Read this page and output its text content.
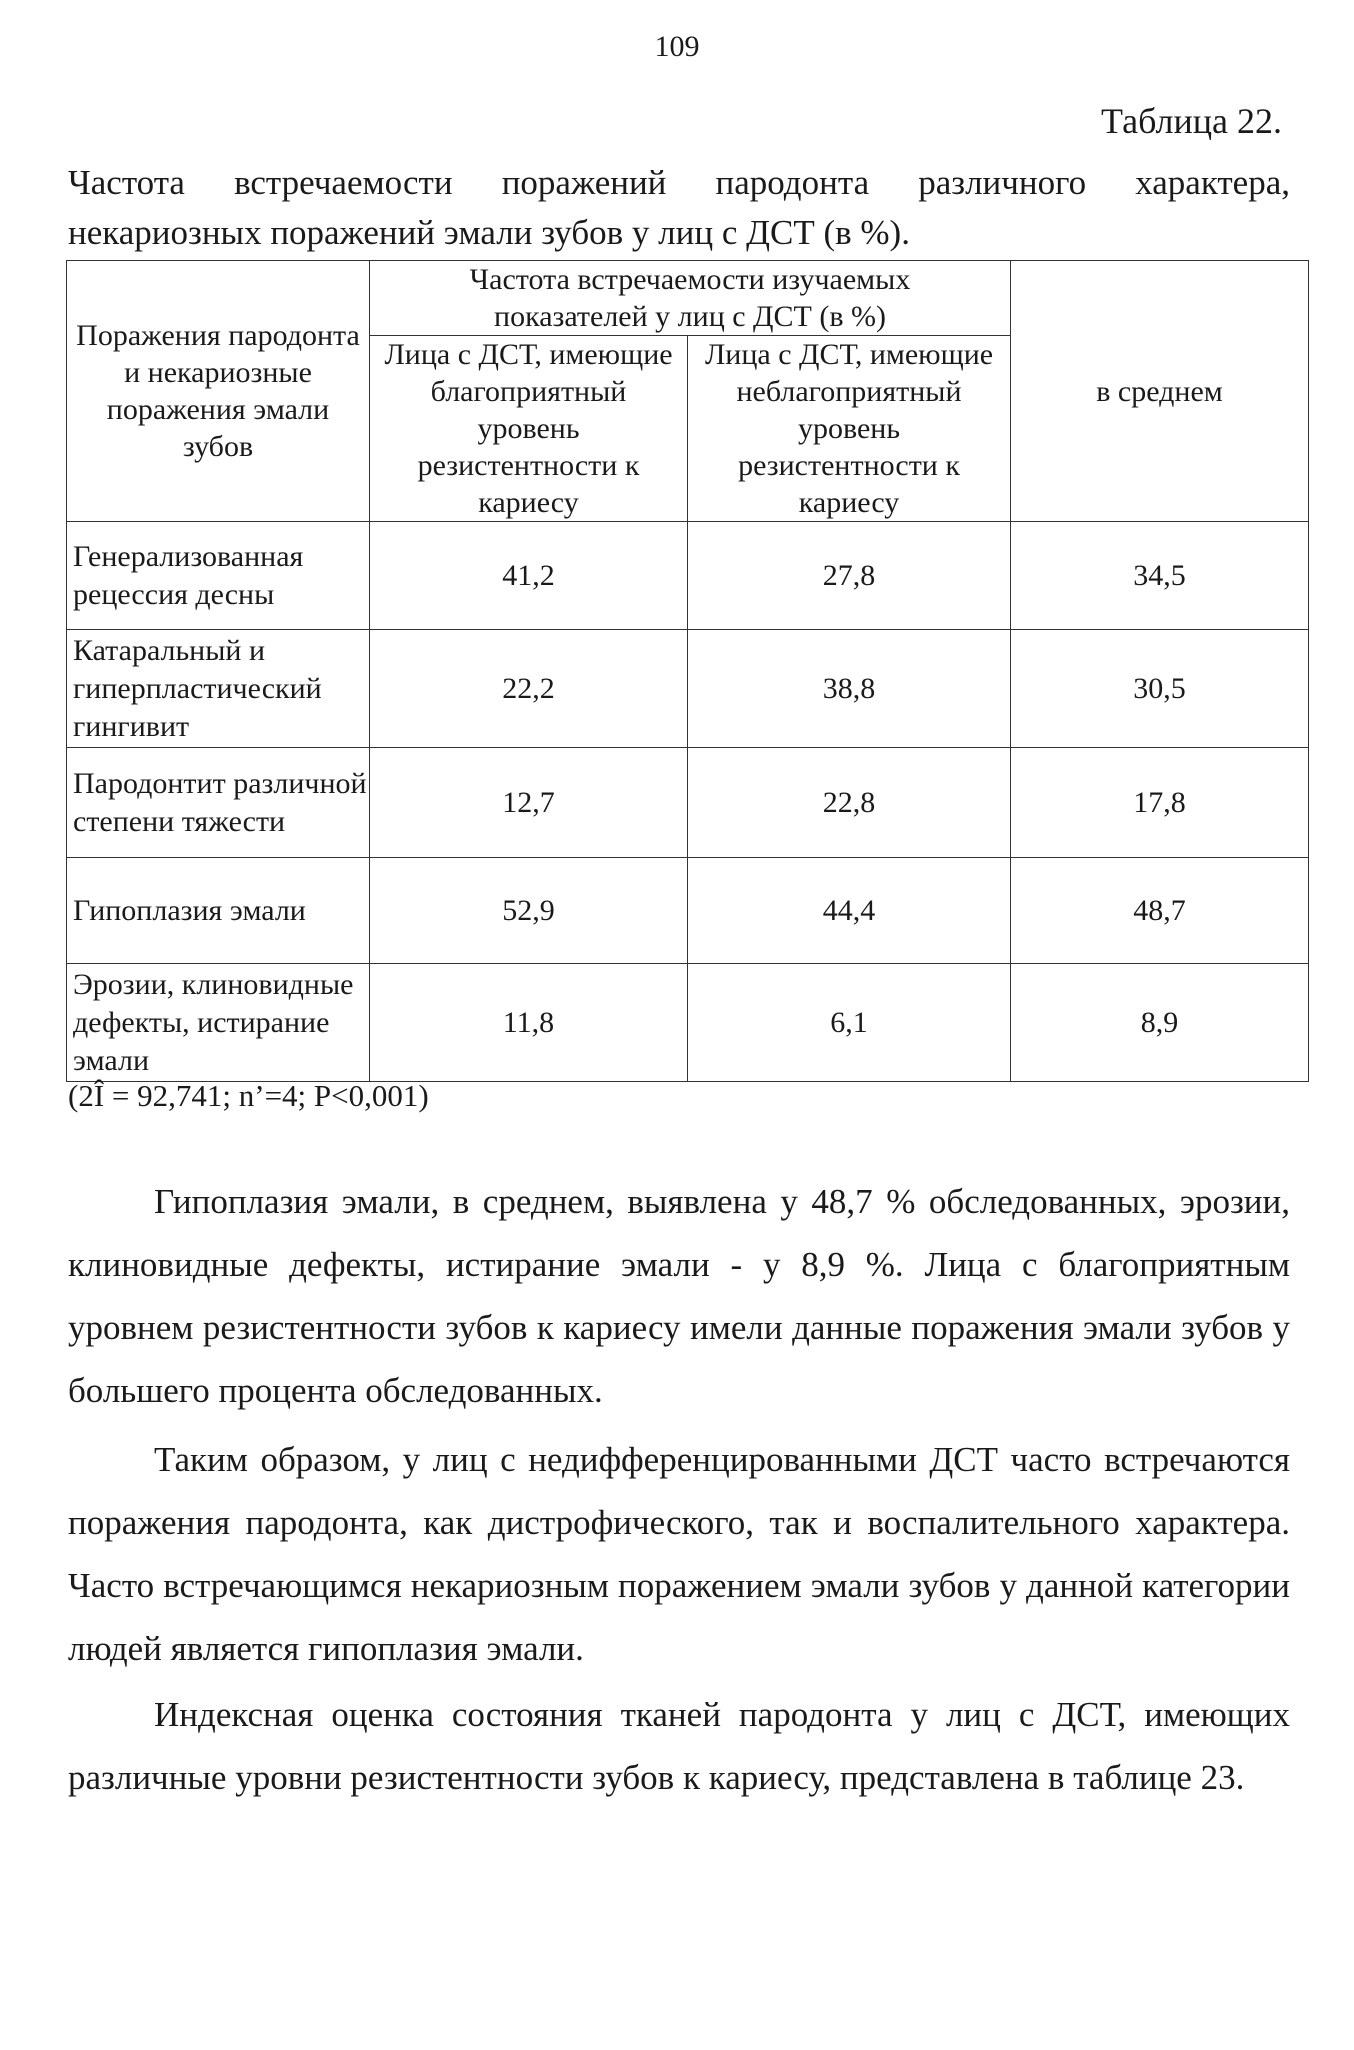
109
Таблица 22.
Частота встречаемости поражений пародонта различного характера, некариозных поражений эмали зубов у лиц с ДСТ (в %).
Поражения пародонта и некариозные поражения эмали зубов	Частота встречаемости изучаемых показателей у лиц с ДСТ (в %)		в среднем
	Лица с ДСТ, имеющие благоприятный уровень резистентности к кариесу	Лица с ДСТ, имеющие неблагоприятный уровень резистентности к кариесу	
Генерализованная рецессия десны	41,2	27,8	34,5
Катаральный и гиперпластический гингивит	22,2	38,8	30,5
Пародонтит различной степени тяжести	12,7	22,8	17,8
Гипоплазия эмали	52,9	44,4	48,7
Эрозии, клиновидные дефекты, истирание эмали	11,8	6,1	8,9
(2Î = 92,741; n’=4; P<0,001)

Гипоплазия эмали, в среднем, выявлена у 48,7 % обследованных, эрозии, клиновидные дефекты, истирание эмали - у 8,9 %. Лица с благоприятным уровнем резистентности зубов к кариесу имели данные поражения эмали зубов у большего процента обследованных.

Таким образом, у лиц с недифференцированными ДСТ часто встречаются поражения пародонта, как дистрофического, так и воспалительного характера. Часто встречающимся некариозным поражением эмали зубов у данной категории людей является гипоплазия эмали.

Индексная оценка состояния тканей пародонта у лиц с ДСТ, имеющих различные уровни резистентности зубов к кариесу, представлена в таблице 23.
